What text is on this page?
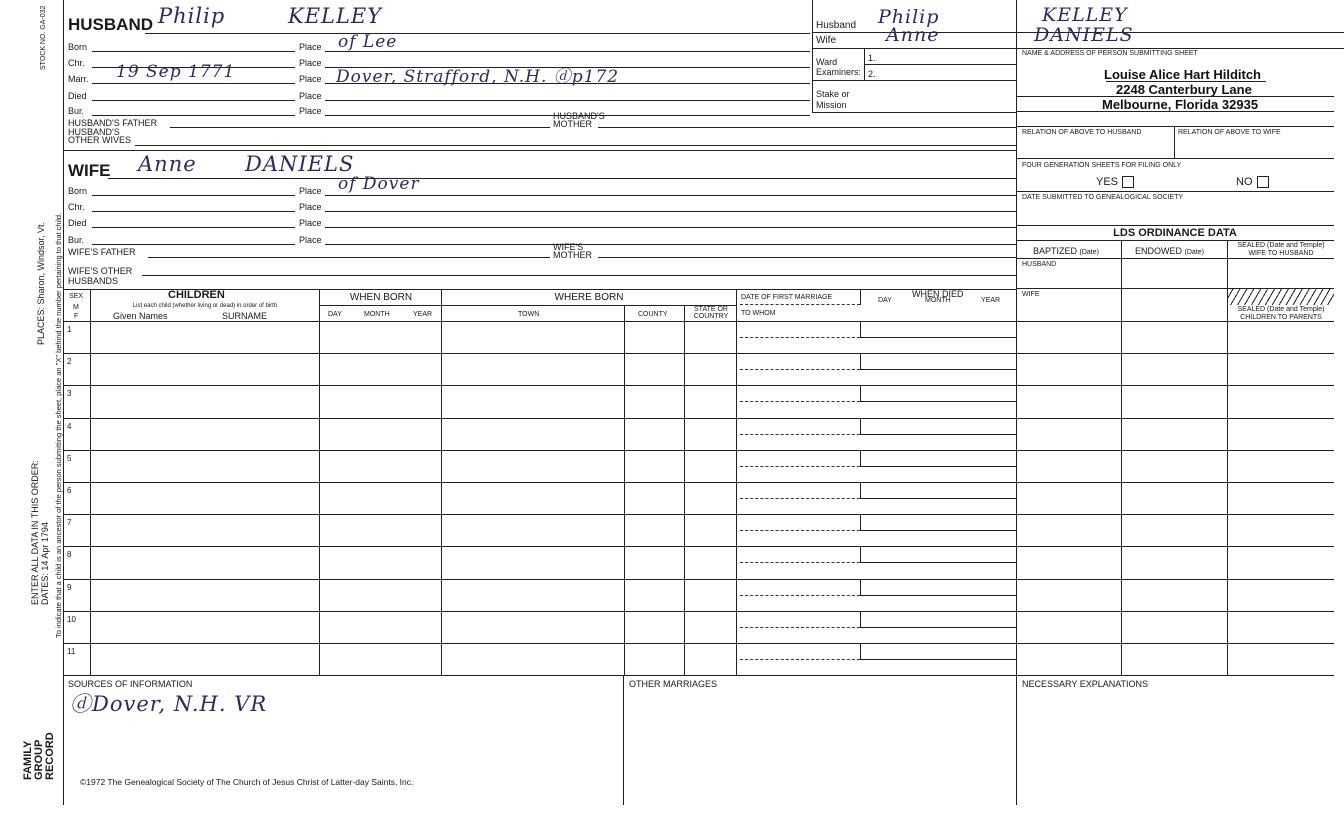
STOCK NO. GA-032
ENTER ALL DATA IN THIS ORDER: DATES: 14 Apr 1794
PLACES: Sharon, Windsor, Vt. To indicate that a child is an ancestor of the person submitting the sheet, place an "X" behind the number pertaining to that child.
FAMILY GROUP RECORD
HUSBAND Philip	KELLEY
Born	Place of Lee
Chr.	Place
Marr. 19 Sep 1771	Place Dover, Strafford, N.H. ⓓp172
Died	Place
Bur.	Place
HUSBAND'S FATHER
HUSBAND'S
MOTHER
HUSBAND'S
OTHER WIVES
WIFE Anne DANIELS
Born	Place of Dover
Chr.	Place
Died	Place
Bur.	Place
WIFE'S FATHER	WIFE'S
MOTHER
WIFE'S OTHER
HUSBANDS
Husband Philip	KELLEY
Wife	Anne	DANIELS
Ward	1.
Examiners: 2.
Stake or
Mission
NAME & ADDRESS OF PERSON SUBMITTING SHEET
Louise Alice Hart Hilditch
2248 Canterbury Lane
Melbourne, Florida 32935
RELATION OF ABOVE TO HUSBAND	RELATION OF ABOVE TO WIFE
FOUR GENERATION SHEETS FOR FILING ONLY
YES	NO
DATE SUBMITTED TO GENEALOGICAL SOCIETY
LDS ORDINANCE DATA
BAPTIZED (Date)	ENDOWED (Date)
SEALED (Date and Temple)
WIFE TO HUSBAND
HUSBAND
WIFE
SEALED (Date and Temple)
CHILDREN TO PARENTS
SEX
M
F
CHILDREN
List each child (whether living or dead) in order of birth
Given Names	SURNAME
WHEN BORN
DAY	MONTH	YEAR
WHERE BORN
TOWN	COUNTY
STATE OR
COUNTRY
DATE OF FIRST MARRIAGE
TO WHOM
WHEN DIED
DAY	MONTH	YEAR
1
2
3
4
5
6
7
8
9
10
11
SOURCES OF INFORMATION
ⓓDover, N.H. VR
OTHER MARRIAGES	NECESSARY EXPLANATIONS
©1972 The Genealogical Society of The Church of Jesus Christ of Latter-day Saints, Inc.
